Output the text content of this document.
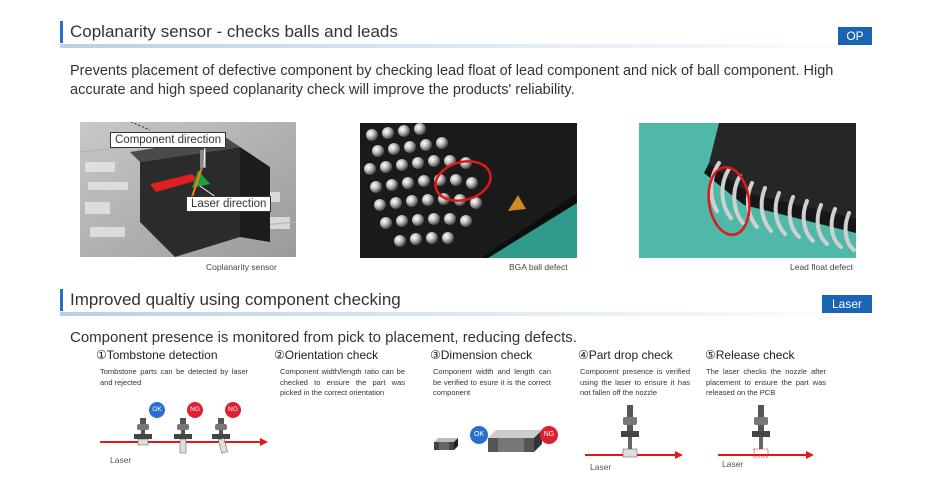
Coplanarity sensor - checks balls and leads	OP
Prevents placement of defective component by checking lead float of lead component and nick of ball component. High accurate and high speed coplanarity check will improve the products' reliability.
Component direction
Laser direction
Coplanarity sensor	BGA ball defect	Lead float defect
Improved qualtiy using component checking	Laser
Component presence is monitored from pick to placement, reducing defects.
①Tombstone detection
Tombstone parts can be detected by laser and rejected
OK	NG	NG
Laser
②Orientation check
Component width/length ratio can be checked to ensure the part was picked in the correct orientation
③Dimension check
Component width and length can be verified to esure it is the correct component
OK	NG
④Part drop check
Component presence is verified using the laser to ensure it has not fallen off the nozzle
Laser
⑤Release check
The laser checks the nozzle after placement to ensure the part was released on the PCB
Laser
